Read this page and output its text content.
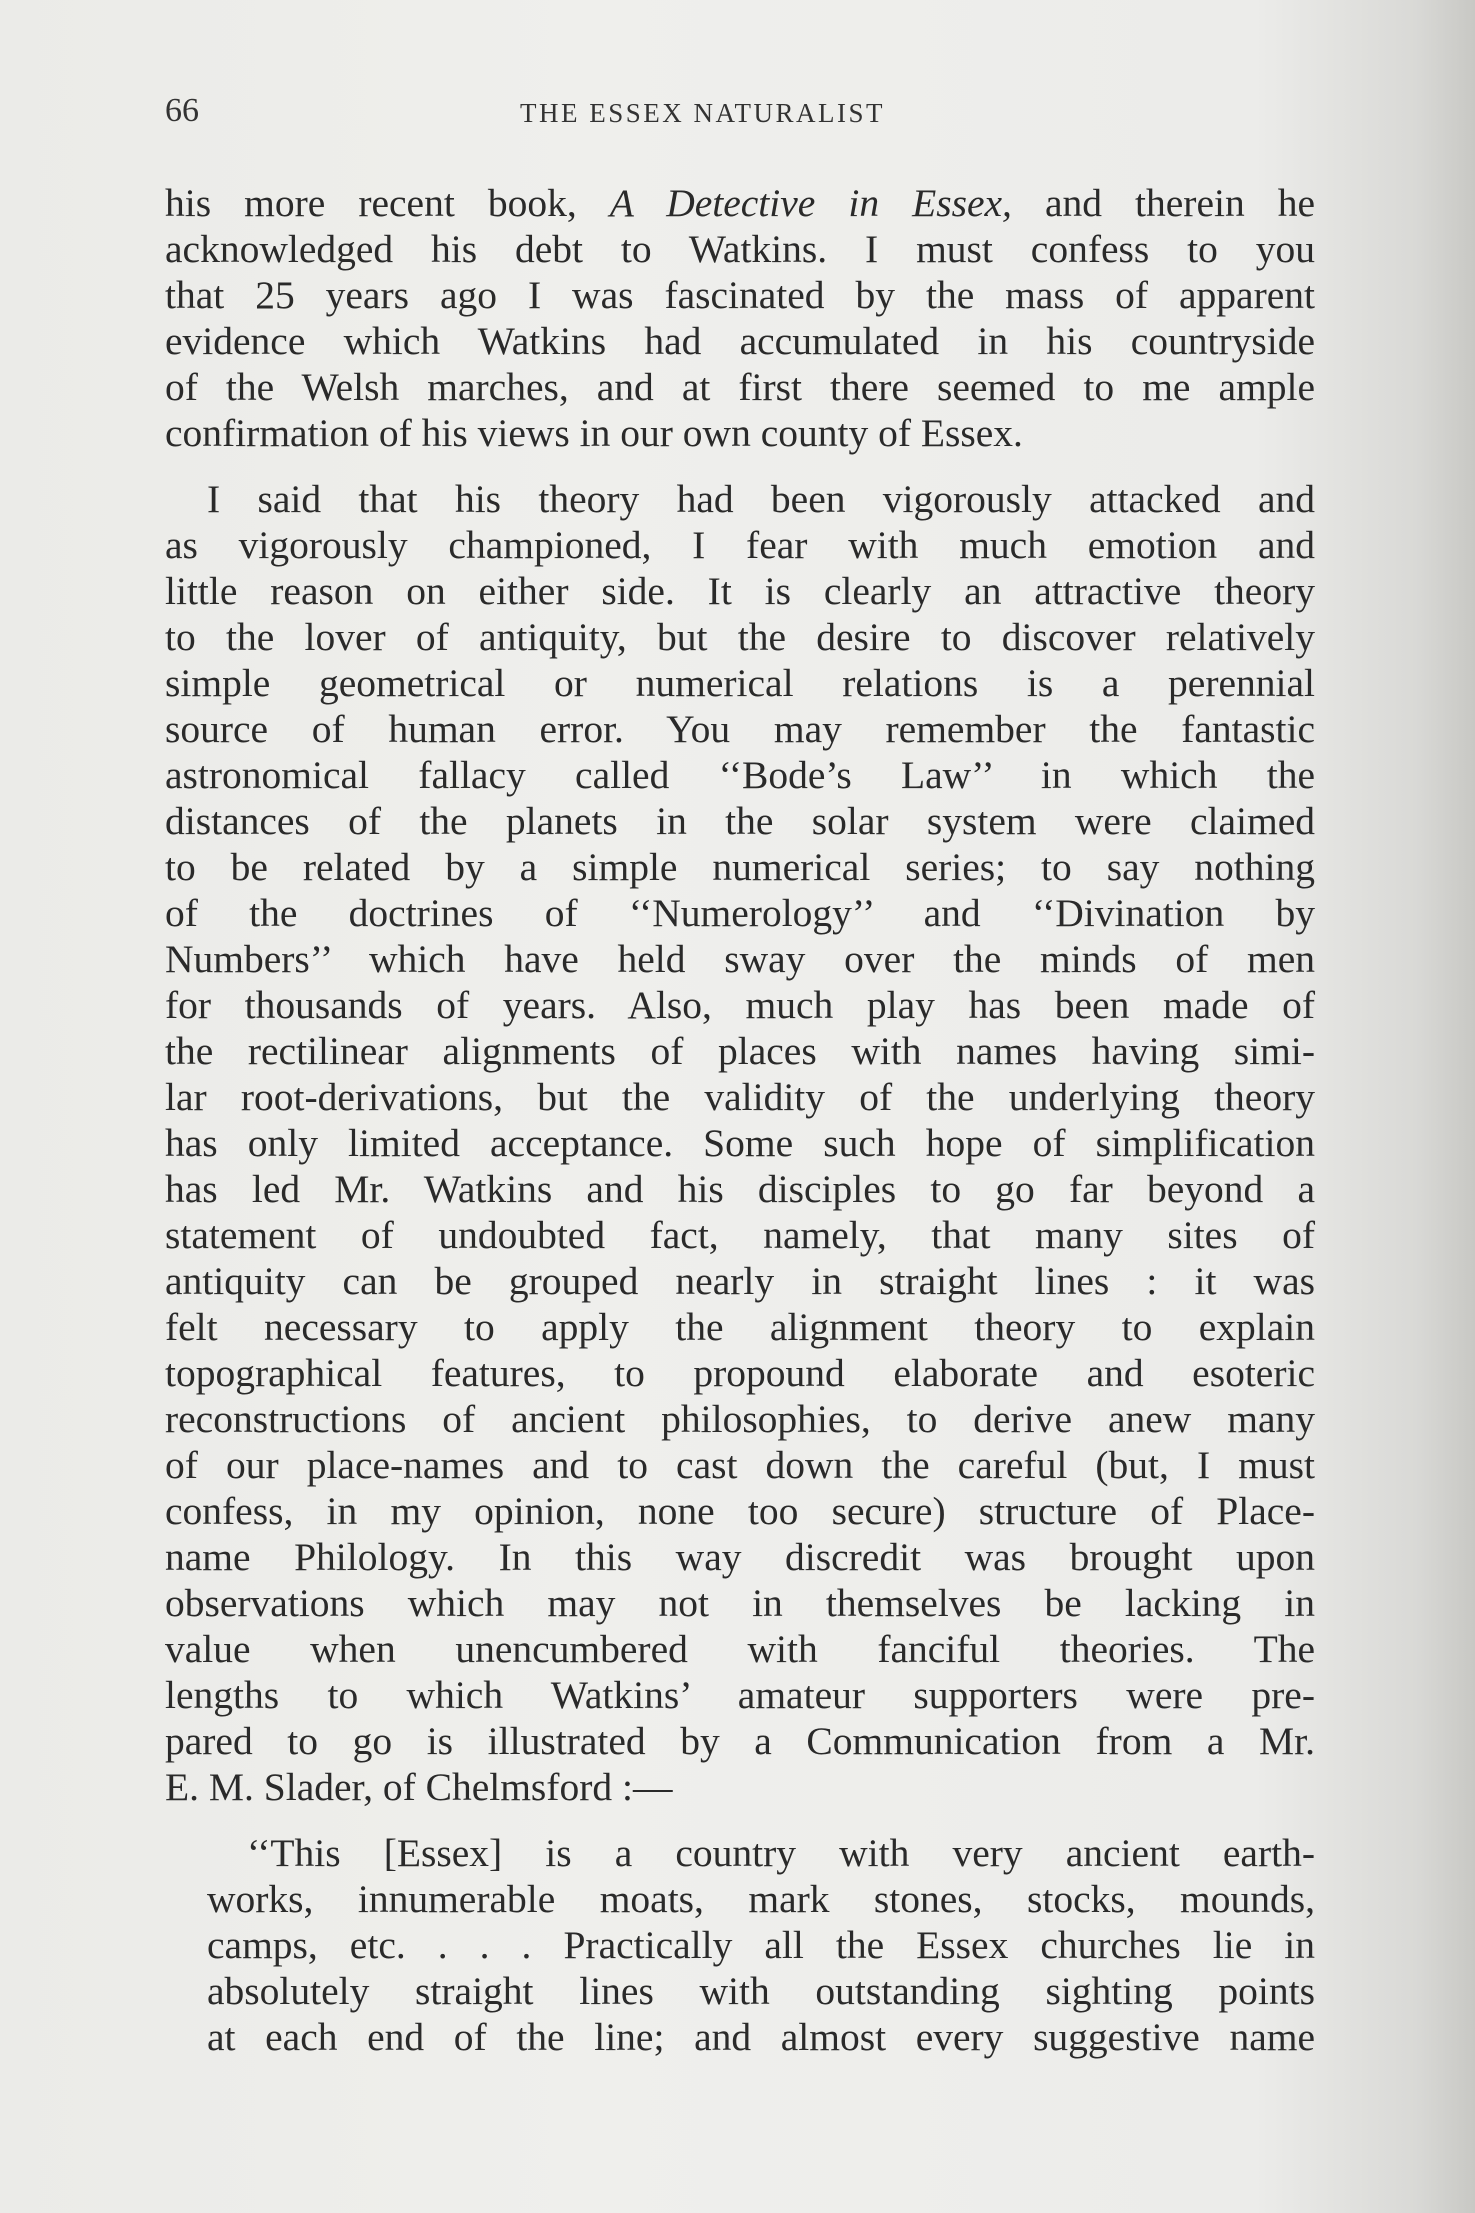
66	THE ESSEX NATURALIST
his more recent book, A Detective in Essex, and therein he
acknowledged his debt to Watkins. I must confess to you
that 25 years ago I was fascinated by the mass of apparent
evidence which Watkins had accumulated in his countryside
of the Welsh marches, and at first there seemed to me ample
confirmation of his views in our own county of Essex.
I said that his theory had been vigorously attacked and
as vigorously championed, I fear with much emotion and
little reason on either side. It is clearly an attractive theory
to the lover of antiquity, but the desire to discover relatively
simple geometrical or numerical relations is a perennial
source of human error. You may remember the fantastic
astronomical fallacy called ‘‘Bode’s Law’’ in which the
distances of the planets in the solar system were claimed
to be related by a simple numerical series; to say nothing
of the doctrines of ‘‘Numerology’’ and ‘‘Divination by
Numbers’’ which have held sway over the minds of men
for thousands of years. Also, much play has been made of
the rectilinear alignments of places with names having simi-
lar root-derivations, but the validity of the underlying theory
has only limited acceptance. Some such hope of simplification
has led Mr. Watkins and his disciples to go far beyond a
statement of undoubted fact, namely, that many sites of
antiquity can be grouped nearly in straight lines : it was
felt necessary to apply the alignment theory to explain
topographical features, to propound elaborate and esoteric
reconstructions of ancient philosophies, to derive anew many
of our place-names and to cast down the careful (but, I must
confess, in my opinion, none too secure) structure of Place-
name Philology. In this way discredit was brought upon
observations which may not in themselves be lacking in
value when unencumbered with fanciful theories. The
lengths to which Watkins’ amateur supporters were pre-
pared to go is illustrated by a Communication from a Mr.
E. M. Slader, of Chelmsford :—
‘‘This [Essex] is a country with very ancient earth-
works, innumerable moats, mark stones, stocks, mounds,
camps, etc. . . . Practically all the Essex churches lie in
absolutely straight lines with outstanding sighting points
at each end of the line; and almost every suggestive name
